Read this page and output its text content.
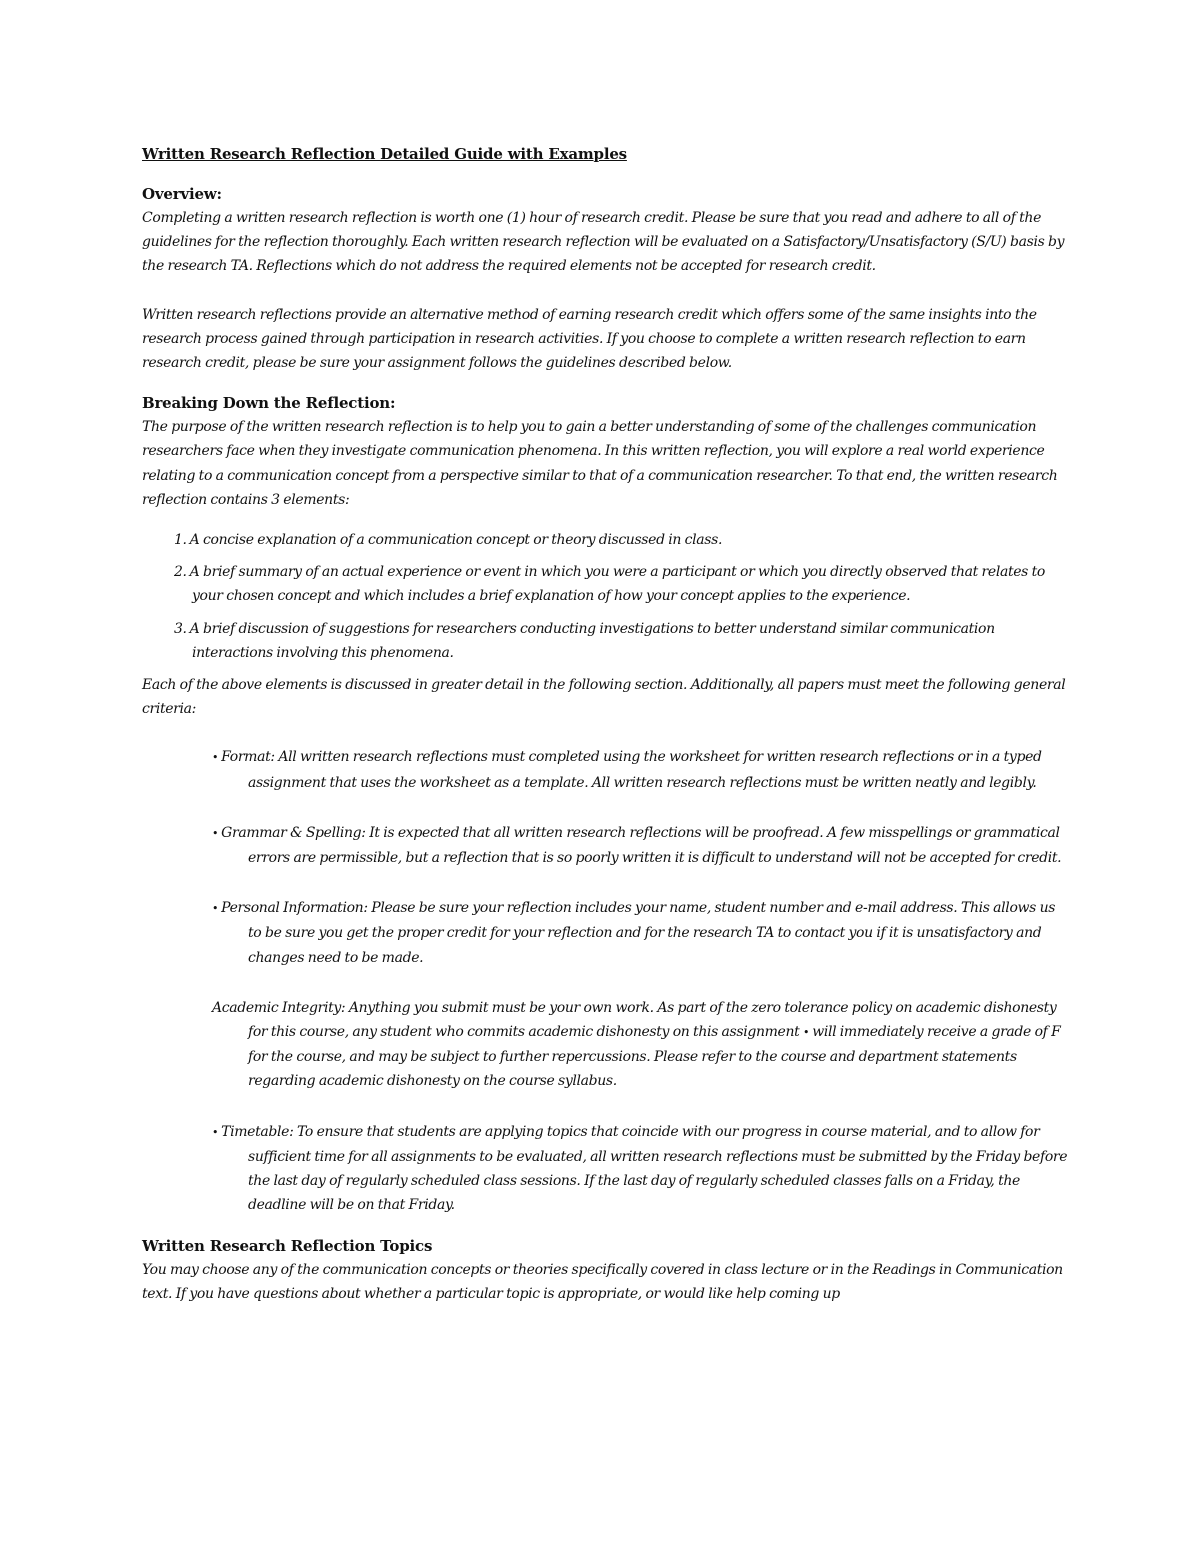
Written Research Reflection Detailed Guide with Examples

Overview:

Completing a written research reflection is worth one (1) hour of research credit. Please be sure that you read and adhere to all of the guidelines for the reflection thoroughly. Each written research reflection will be evaluated on a Satisfactory/Unsatisfactory (S/U) basis by the research TA. Reflections which do not address the required elements not be accepted for research credit.

Written research reflections provide an alternative method of earning research credit which offers some of the same insights into the research process gained through participation in research activities. If you choose to complete a written research reflection to earn research credit, please be sure your assignment follows the guidelines described below.

Breaking Down the Reflection:

The purpose of the written research reflection is to help you to gain a better understanding of some of the challenges communication researchers face when they investigate communication phenomena. In this written reflection, you will explore a real world experience relating to a communication concept from a perspective similar to that of a communication researcher. To that end, the written research reflection contains 3 elements:

1. A concise explanation of a communication concept or theory discussed in class.
2. A brief summary of an actual experience or event in which you were a participant or which you directly observed that relates to your chosen concept and which includes a brief explanation of how your concept applies to the experience.
3. A brief discussion of suggestions for researchers conducting investigations to better understand similar communication interactions involving this phenomena.

Each of the above elements is discussed in greater detail in the following section. Additionally, all papers must meet the following general criteria:

• Format: All written research reflections must completed using the worksheet for written research reflections or in a typed assignment that uses the worksheet as a template. All written research reflections must be written neatly and legibly.

• Grammar & Spelling: It is expected that all written research reflections will be proofread. A few misspellings or grammatical errors are permissible, but a reflection that is so poorly written it is difficult to understand will not be accepted for credit.

• Personal Information: Please be sure your reflection includes your name, student number and e-mail address. This allows us to be sure you get the proper credit for your reflection and for the research TA to contact you if it is unsatisfactory and changes need to be made.

Academic Integrity: Anything you submit must be your own work. As part of the zero tolerance policy on academic dishonesty for this course, any student who commits academic dishonesty on this assignment • will immediately receive a grade of F for the course, and may be subject to further repercussions. Please refer to the course and department statements regarding academic dishonesty on the course syllabus.

• Timetable: To ensure that students are applying topics that coincide with our progress in course material, and to allow for sufficient time for all assignments to be evaluated, all written research reflections must be submitted by the Friday before the last day of regularly scheduled class sessions. If the last day of regularly scheduled classes falls on a Friday, the deadline will be on that Friday.

Written Research Reflection Topics

You may choose any of the communication concepts or theories specifically covered in class lecture or in the Readings in Communication text. If you have questions about whether a particular topic is appropriate, or would like help coming up
